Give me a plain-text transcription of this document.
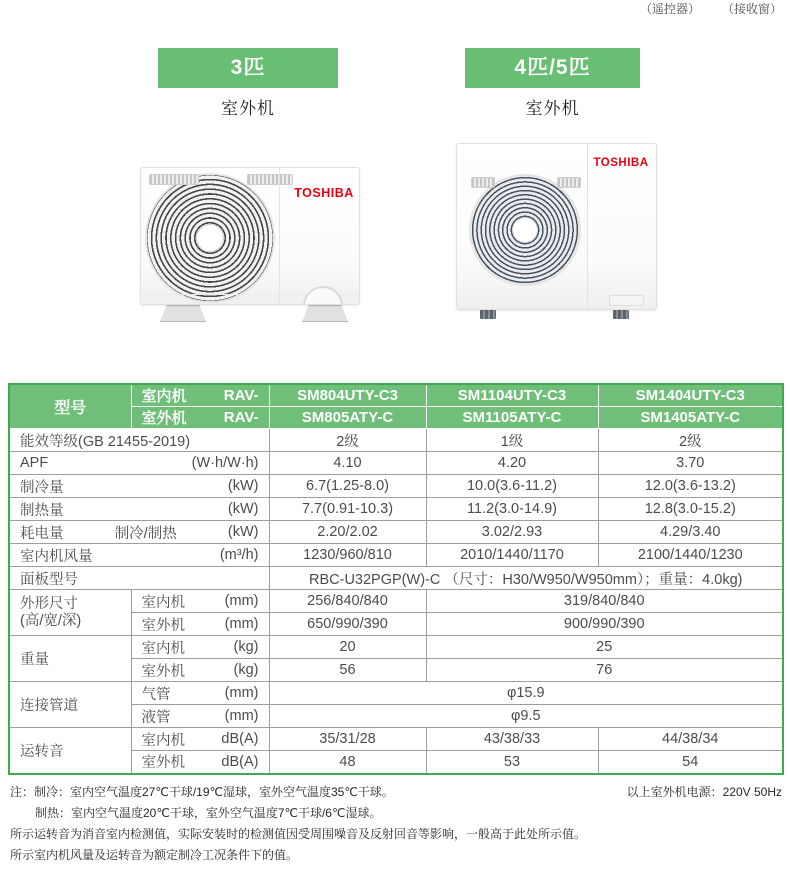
（遥控器） （接收窗）
3匹	4匹/5匹
室外机	室外机
TOSHIBA
TOSHIBA
型号	室内机 RAV-	SM804UTY-C3	SM1104UTY-C3	SM1404UTY-C3

	室外机 RAV-	SM805ATY-C	SM1105ATY-C	SM1405ATY-C
能效等级(GB 21455-2019)		2级	1级	2级

APF (W·h/W·h)		4.10	4.20	3.70

制冷量 (kW)		6.7(1.25-8.0)	10.0(3.6-11.2)	12.0(3.6-13.2)

制热量 (kW)		7.7(0.91-10.3)	11.2(3.0-14.9)	12.8(3.0-15.2)

耗电量 制冷/制热 (kW)		2.20/2.02	3.02/2.93	4.29/3.40

室内机风量 (m³/h)		1230/960/810	2010/1440/1170	2100/1440/1230
面板型号		RBC-U32PGP(W)-C （尺寸：H30/W950/W950mm）；重量：4.0kg)		

外形尺寸
(高/宽/深)

室内机	(mm)	256/840/840	319/840/840

	室外机 (mm)	650/990/390	900/990/390	
重量	室内机 (kg)	20	25	

	室外机 (kg)	56	76	
连接管道	气管 (mm)	φ15.9		

	液管 (mm)	φ9.5		
运转音	室内机 dB(A)	35/31/28	43/38/33	44/38/34

	室外机 dB(A)	48	53	54
注：制冷：室内空气温度27℃干球/19℃湿球，室外空气温度35℃干球。	以上室外机电源：220V 50Hz
制热：室内空气温度20℃干球，室外空气温度7℃干球/6℃湿球。
所示运转音为消音室内检测值，实际安装时的检测值因受周围噪音及反射回音等影响，一般高于此处所示值。
所示室内机风量及运转音为额定制冷工况条件下的值。
